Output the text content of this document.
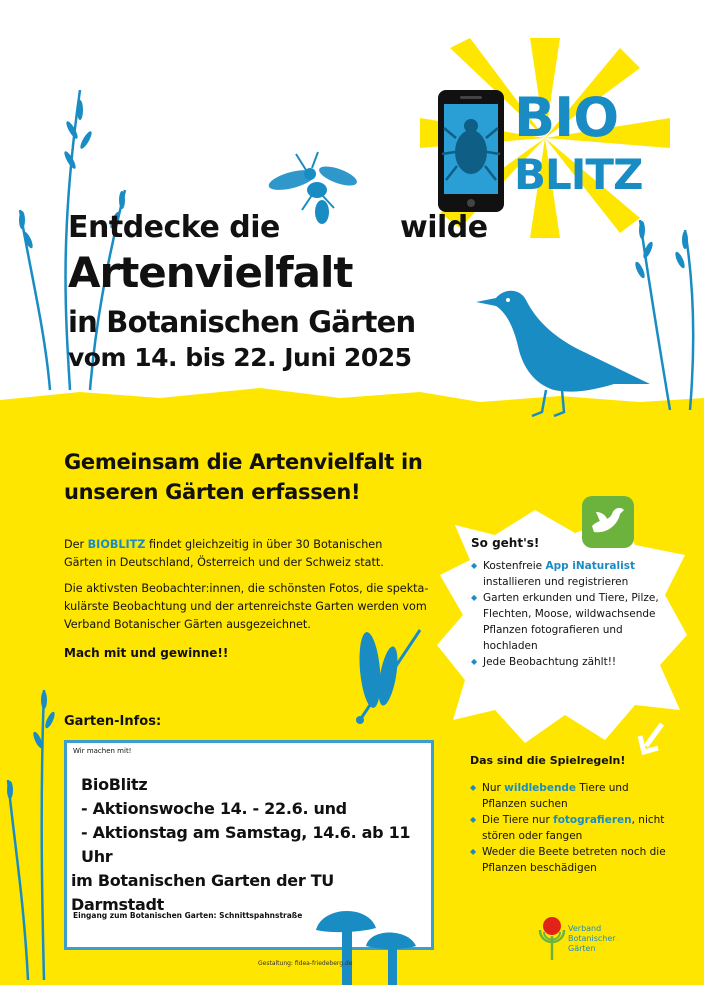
BIO
BLITZ
Entdecke die	wilde
Artenvielfalt
in Botanischen Gärten
vom 14. bis 22. Juni 2025
Gemeinsam die Artenvielfalt in unseren Gärten erfassen!
Der BIOBLITZ findet gleichzeitig in über 30 Botanischen Gärten in Deutschland, Österreich und der Schweiz statt.
Die aktivsten Beobachter:innen, die schönsten Fotos, die spekta-kulärste Beobachtung und der artenreichste Garten werden vom Verband Botanischer Gärten ausgezeichnet.
Mach mit und gewinne!!
Garten-Infos:
Wir machen mit!
BioBlitz
- Aktionswoche 14. - 22.6. und
- Aktionstag am Samstag, 14.6. ab 11 Uhr
im Botanischen Garten der TU Darmstadt
Eingang zum Botanischen Garten: Schnittspahnstraße
Gestaltung: fidea-friedeberg.de
So geht's!
◆ Kostenfreie App iNaturalist installieren und registrieren
◆ Garten erkunden und Tiere, Pilze, Flechten, Moose, wildwachsende Pflanzen fotografieren und hochladen
◆ Jede Beobachtung zählt!!
Das sind die Spielregeln!
◆ Nur wildlebende Tiere und Pflanzen suchen
◆ Die Tiere nur fotografieren, nicht stören oder fangen
◆ Weder die Beete betreten noch die Pflanzen beschädigen
Verband
Botanischer
Gärten
